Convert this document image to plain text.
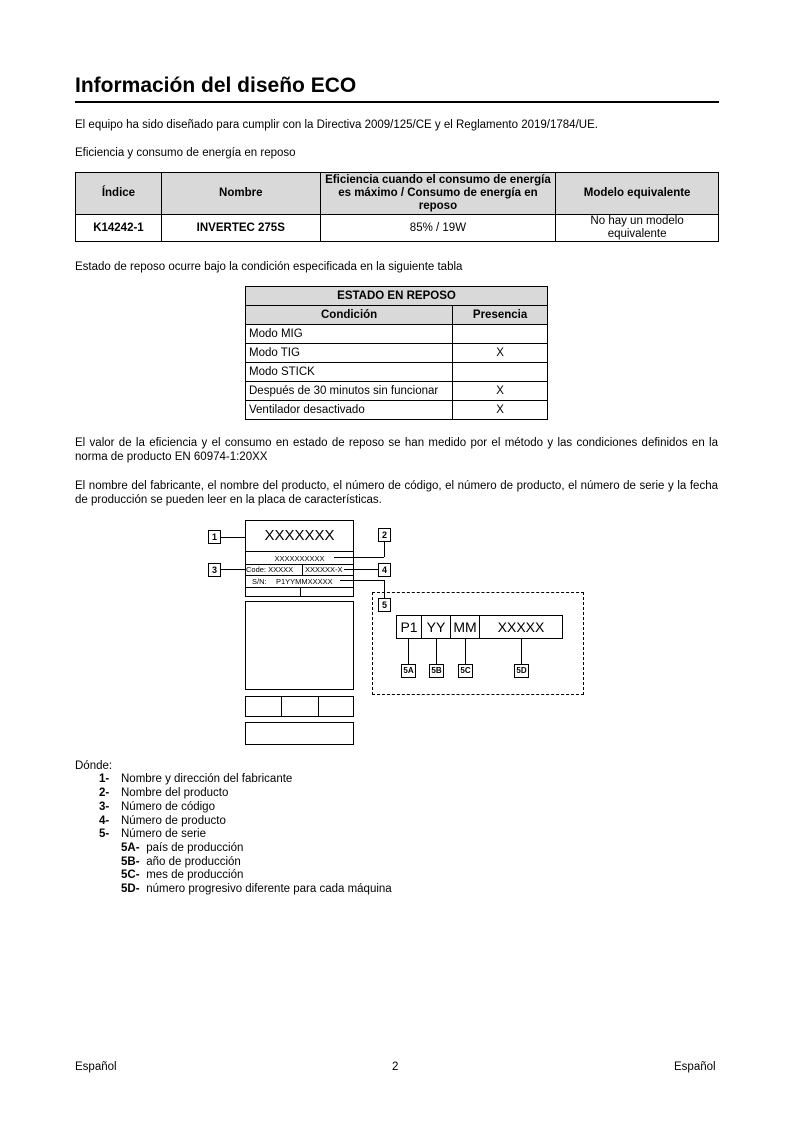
Información del diseño ECO
El equipo ha sido diseñado para cumplir con la Directiva 2009/125/CE y el Reglamento 2019/1784/UE.
Eficiencia y consumo de energía en reposo
Índice	Nombre	Eficiencia cuando el consumo de energía es máximo / Consumo de energía en reposo	Modelo equivalente
K14242-1	INVERTEC 275S	85% / 19W	No hay un modelo equivalente
Estado de reposo ocurre bajo la condición especificada en la siguiente tabla
ESTADO EN REPOSO	
Condición	Presencia
Modo MIG	
Modo TIG	X
Modo STICK	
Después de 30 minutos sin funcionar	X
Ventilador desactivado	X
El valor de la eficiencia y el consumo en estado de reposo se han medido por el método y las condiciones definidos en la norma de producto EN 60974-1:20XX
El nombre del fabricante, el nombre del producto, el número de código, el número de producto, el número de serie y la fecha de producción se pueden leer en la placa de características.
XXXXXXX
XXXXXXXXXX
Code: XXXXX XXXXXX-X
S/N: P1YYMMXXXXX
1	2
3	4
5
P1 YY MM	XXXXX
5A 5B 5C	5D
Dónde:
1- Nombre y dirección del fabricante
2- Nombre del producto
3- Número de código
4- Número de producto
5- Número de serie
5A- país de producción
5B- año de producción
5C- mes de producción
5D- número progresivo diferente para cada máquina
Español	2	Español
